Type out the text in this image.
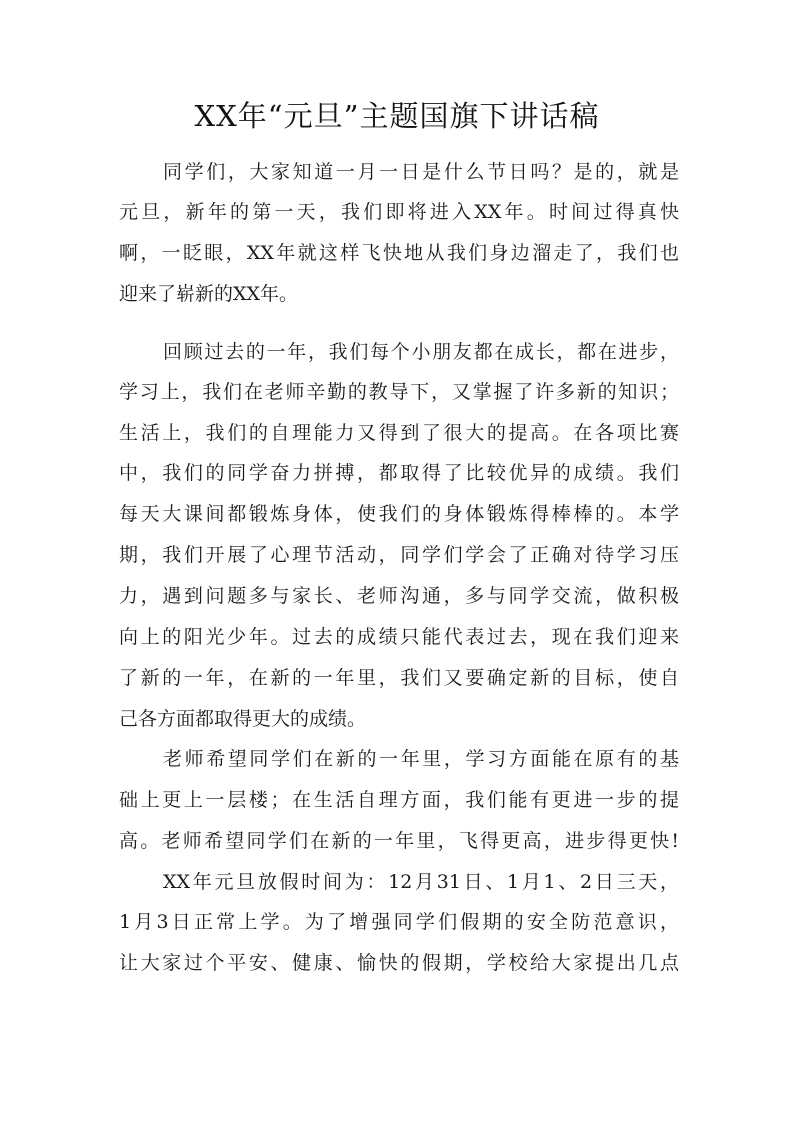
XX年“元旦”主题国旗下讲话稿
同学们，大家知道一月一日是什么节日吗？是的，就是
元旦，新年的第一天，我们即将进入XX年。时间过得真快
啊，一眨眼，XX年就这样飞快地从我们身边溜走了，我们也
迎来了崭新的XX年。
回顾过去的一年，我们每个小朋友都在成长，都在进步，
学习上，我们在老师辛勤的教导下，又掌握了许多新的知识；
生活上，我们的自理能力又得到了很大的提高。在各项比赛
中，我们的同学奋力拼搏，都取得了比较优异的成绩。我们
每天大课间都锻炼身体，使我们的身体锻炼得棒棒的。本学
期，我们开展了心理节活动，同学们学会了正确对待学习压
力，遇到问题多与家长、老师沟通，多与同学交流，做积极
向上的阳光少年。过去的成绩只能代表过去，现在我们迎来
了新的一年，在新的一年里，我们又要确定新的目标，使自
己各方面都取得更大的成绩。
老师希望同学们在新的一年里，学习方面能在原有的基
础上更上一层楼；在生活自理方面，我们能有更进一步的提
高。老师希望同学们在新的一年里，飞得更高，进步得更快!
XX年元旦放假时间为：12月31日、1月1、2日三天，
1月3日正常上学。为了增强同学们假期的安全防范意识，
让大家过个平安、健康、愉快的假期，学校给大家提出几点
